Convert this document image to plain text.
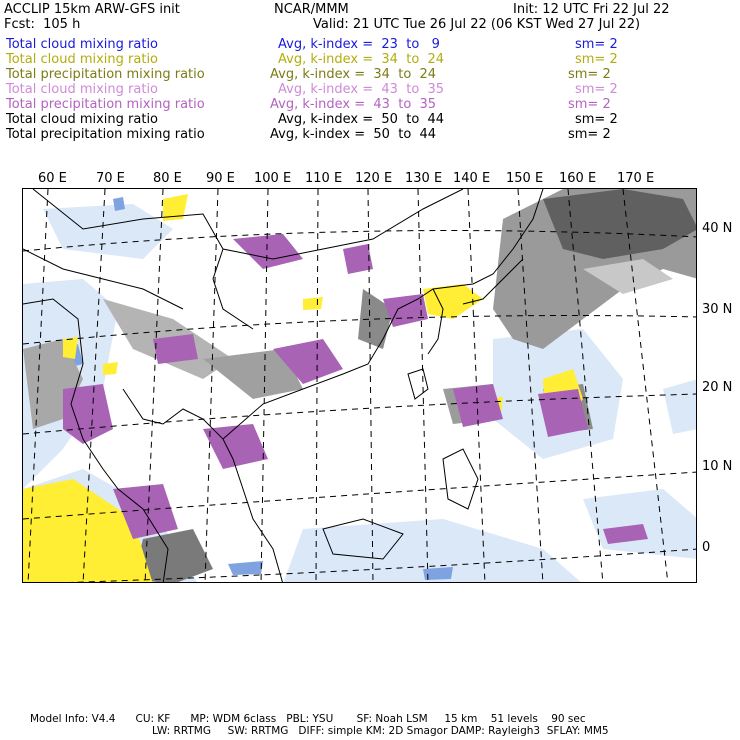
ACCLIP 15km ARW-GFS init	NCAR/MMM	Init: 12 UTC Fri 22 Jul 22
Fcst:  105 h	Valid: 21 UTC Tue 26 Jul 22 (06 KST Wed 27 Jul 22)
Total cloud mixing ratio	Avg, k-index =  23  to   9	sm= 2
Total cloud mixing ratio	Avg, k-index =  34  to  24	sm= 2
Total precipitation mixing ratio	Avg, k-index =  34  to  24	sm= 2
Total cloud mixing ratio	Avg, k-index =  43  to  35	sm= 2
Total precipitation mixing ratio	Avg, k-index =  43  to  35	sm= 2
Total cloud mixing ratio	Avg, k-index =  50  to  44	sm= 2
Total precipitation mixing ratio	Avg, k-index =  50  to  44	sm= 2
60 E 70 E 80 E 90 E 100 E 110 E 120 E 130 E 140 E 150 E 160 E 170 E
40 N
30 N
20 N
10 N
0
Model Info: V4.4      CU: KF      MP: WDM 6class   PBL: YSU       SF: Noah LSM     15 km    51 levels    90 sec
LW: RRTMG     SW: RRTMG   DIFF: simple KM: 2D Smagor DAMP: Rayleigh3  SFLAY: MM5
